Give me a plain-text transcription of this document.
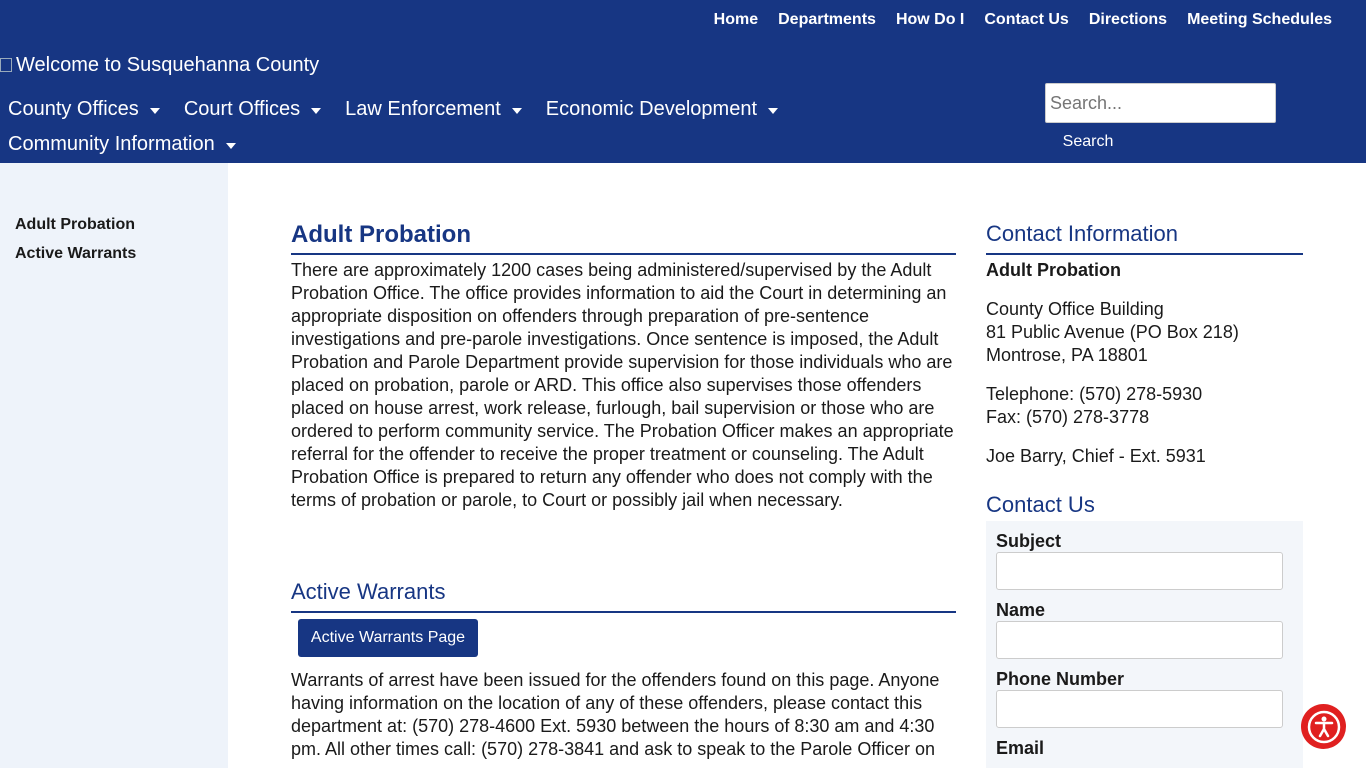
Home	Departments	How Do I	Contact Us	Directions	Meeting Schedules
Welcome to Susquehanna County
County Offices Court Offices Law Enforcement Economic Development
Community Information
Search...	Search
Adult Probation
Active Warrants
Adult Probation

There are approximately 1200 cases being administered/supervised by the Adult Probation Office. The office provides information to aid the Court in determining an appropriate disposition on offenders through preparation of pre-sentence investigations and pre-parole investigations. Once sentence is imposed, the Adult Probation and Parole Department provide supervision for those individuals who are placed on probation, parole or ARD. This office also supervises those offenders placed on house arrest, work release, furlough, bail supervision or those who are ordered to perform community service. The Probation Officer makes an appropriate referral for the offender to receive the proper treatment or counseling. The Adult Probation Office is prepared to return any offender who does not comply with the terms of probation or parole, to Court or possibly jail when necessary.

Active Warrants
Active Warrants Page
Warrants of arrest have been issued for the offenders found on this page. Anyone having information on the location of any of these offenders, please contact this department at: (570) 278-4600 Ext. 5930 between the hours of 8:30 am and 4:30 pm. All other times call: (570) 278-3841 and ask to speak to the Parole Officer on
Contact Information
Adult Probation
County Office Building
81 Public Avenue (PO Box 218)
Montrose, PA 18801
Telephone: (570) 278-5930
Fax: (570) 278-3778
Joe Barry, Chief - Ext. 5931
Contact Us
Subject
Name
Phone Number
Email
